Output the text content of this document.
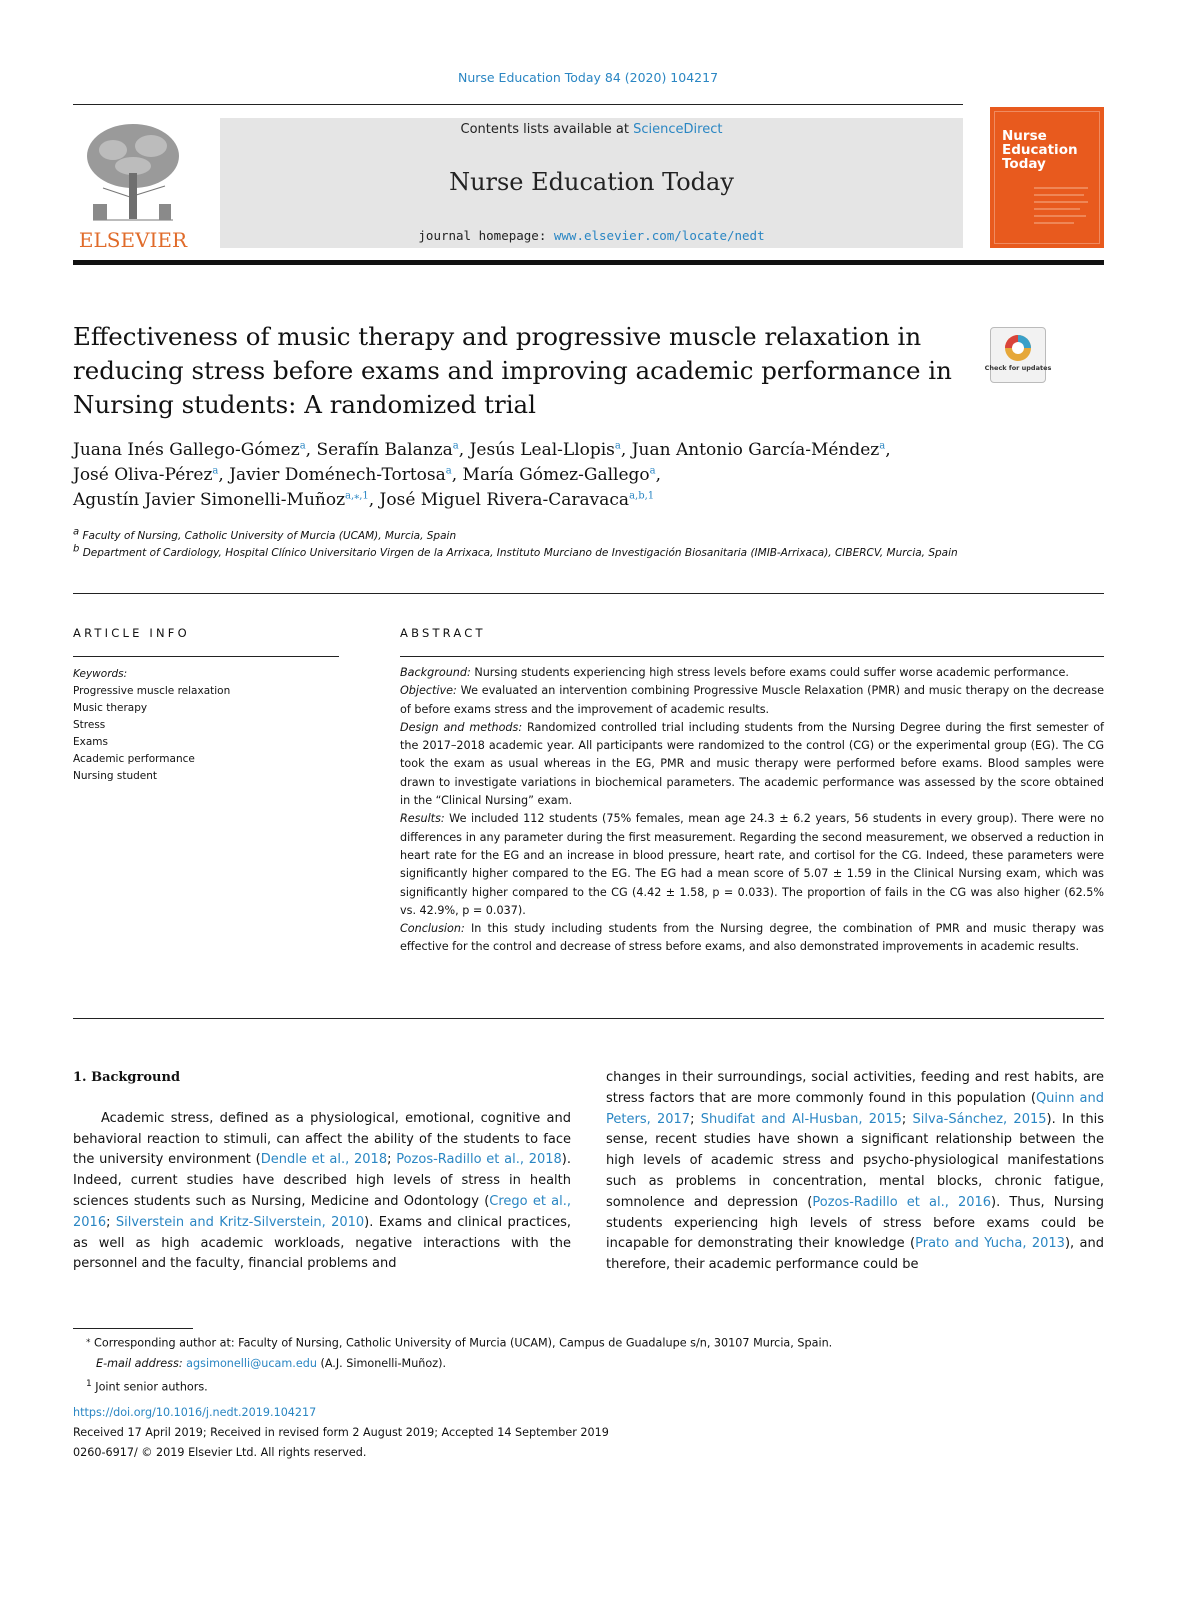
Nurse Education Today 84 (2020) 104217
ELSEVIER
Contents lists available at ScienceDirect
Nurse Education Today
journal homepage: www.elsevier.com/locate/nedt
Nurse Education Today
Effectiveness of music therapy and progressive muscle relaxation in reducing stress before exams and improving academic performance in Nursing students: A randomized trial
Check for updates
Juana Inés Gallego-Gómez$^a$, Serafín Balanza$^a$, Jesús Leal-Llopis$^a$, Juan Antonio García-Méndez$^a$,
José Oliva-Pérez$^a$, Javier Doménech-Tortosa$^a$, María Gómez-Gallego$^a$,
Agustín Javier Simonelli-Muñoz$^{a,⁎,1}$, José Miguel Rivera-Caravaca$^{a,b,1}$
$^a$ Faculty of Nursing, Catholic University of Murcia (UCAM), Murcia, Spain
$^b$ Department of Cardiology, Hospital Clínico Universitario Virgen de la Arrixaca, Instituto Murciano de Investigación Biosanitaria (IMIB-Arrixaca), CIBERCV, Murcia, Spain
ARTICLE INFO	ABSTRACT
Keywords:
Progressive muscle relaxation
Music therapy
Stress
Exams
Academic performance
Nursing student

Background: Nursing students experiencing high stress levels before exams could suffer worse academic performance.

Objective: We evaluated an intervention combining Progressive Muscle Relaxation (PMR) and music therapy on the decrease of before exams stress and the improvement of academic results.

Design and methods: Randomized controlled trial including students from the Nursing Degree during the first semester of the 2017–2018 academic year. All participants were randomized to the control (CG) or the experimental group (EG). The CG took the exam as usual whereas in the EG, PMR and music therapy were performed before exams. Blood samples were drawn to investigate variations in biochemical parameters. The academic performance was assessed by the score obtained in the “Clinical Nursing” exam.

Results: We included 112 students (75% females, mean age 24.3 ± 6.2 years, 56 students in every group). There were no differences in any parameter during the first measurement. Regarding the second measurement, we observed a reduction in heart rate for the EG and an increase in blood pressure, heart rate, and cortisol for the CG. Indeed, these parameters were significantly higher compared to the EG. The EG had a mean score of 5.07 ± 1.59 in the Clinical Nursing exam, which was significantly higher compared to the CG (4.42 ± 1.58, p = 0.033). The proportion of fails in the CG was also higher (62.5% vs. 42.9%, p = 0.037).

Conclusion: In this study including students from the Nursing degree, the combination of PMR and music therapy was effective for the control and decrease of stress before exams, and also demonstrated improvements in academic results.

1. Background

Academic stress, defined as a physiological, emotional, cognitive and behavioral reaction to stimuli, can affect the ability of the students to face the university environment (Dendle et al., 2018; Pozos-Radillo et al., 2018). Indeed, current studies have described high levels of stress in health sciences students such as Nursing, Medicine and Odontology (Crego et al., 2016; Silverstein and Kritz-Silverstein, 2010). Exams and clinical practices, as well as high academic workloads, negative interactions with the personnel and the faculty, financial problems and

changes in their surroundings, social activities, feeding and rest habits, are stress factors that are more commonly found in this population (Quinn and Peters, 2017; Shudifat and Al-Husban, 2015; Silva-Sánchez, 2015). In this sense, recent studies have shown a significant relationship between the high levels of academic stress and psycho-physiological manifestations such as problems in concentration, mental blocks, chronic fatigue, somnolence and depression (Pozos-Radillo et al., 2016). Thus, Nursing students experiencing high levels of stress before exams could be incapable for demonstrating their knowledge (Prato and Yucha, 2013), and therefore, their academic performance could be

⁎ Corresponding author at: Faculty of Nursing, Catholic University of Murcia (UCAM), Campus de Guadalupe s/n, 30107 Murcia, Spain.
E-mail address: agsimonelli@ucam.edu (A.J. Simonelli-Muñoz).
$^1$ Joint senior authors.
https://doi.org/10.1016/j.nedt.2019.104217
Received 17 April 2019; Received in revised form 2 August 2019; Accepted 14 September 2019
0260-6917/ © 2019 Elsevier Ltd. All rights reserved.
